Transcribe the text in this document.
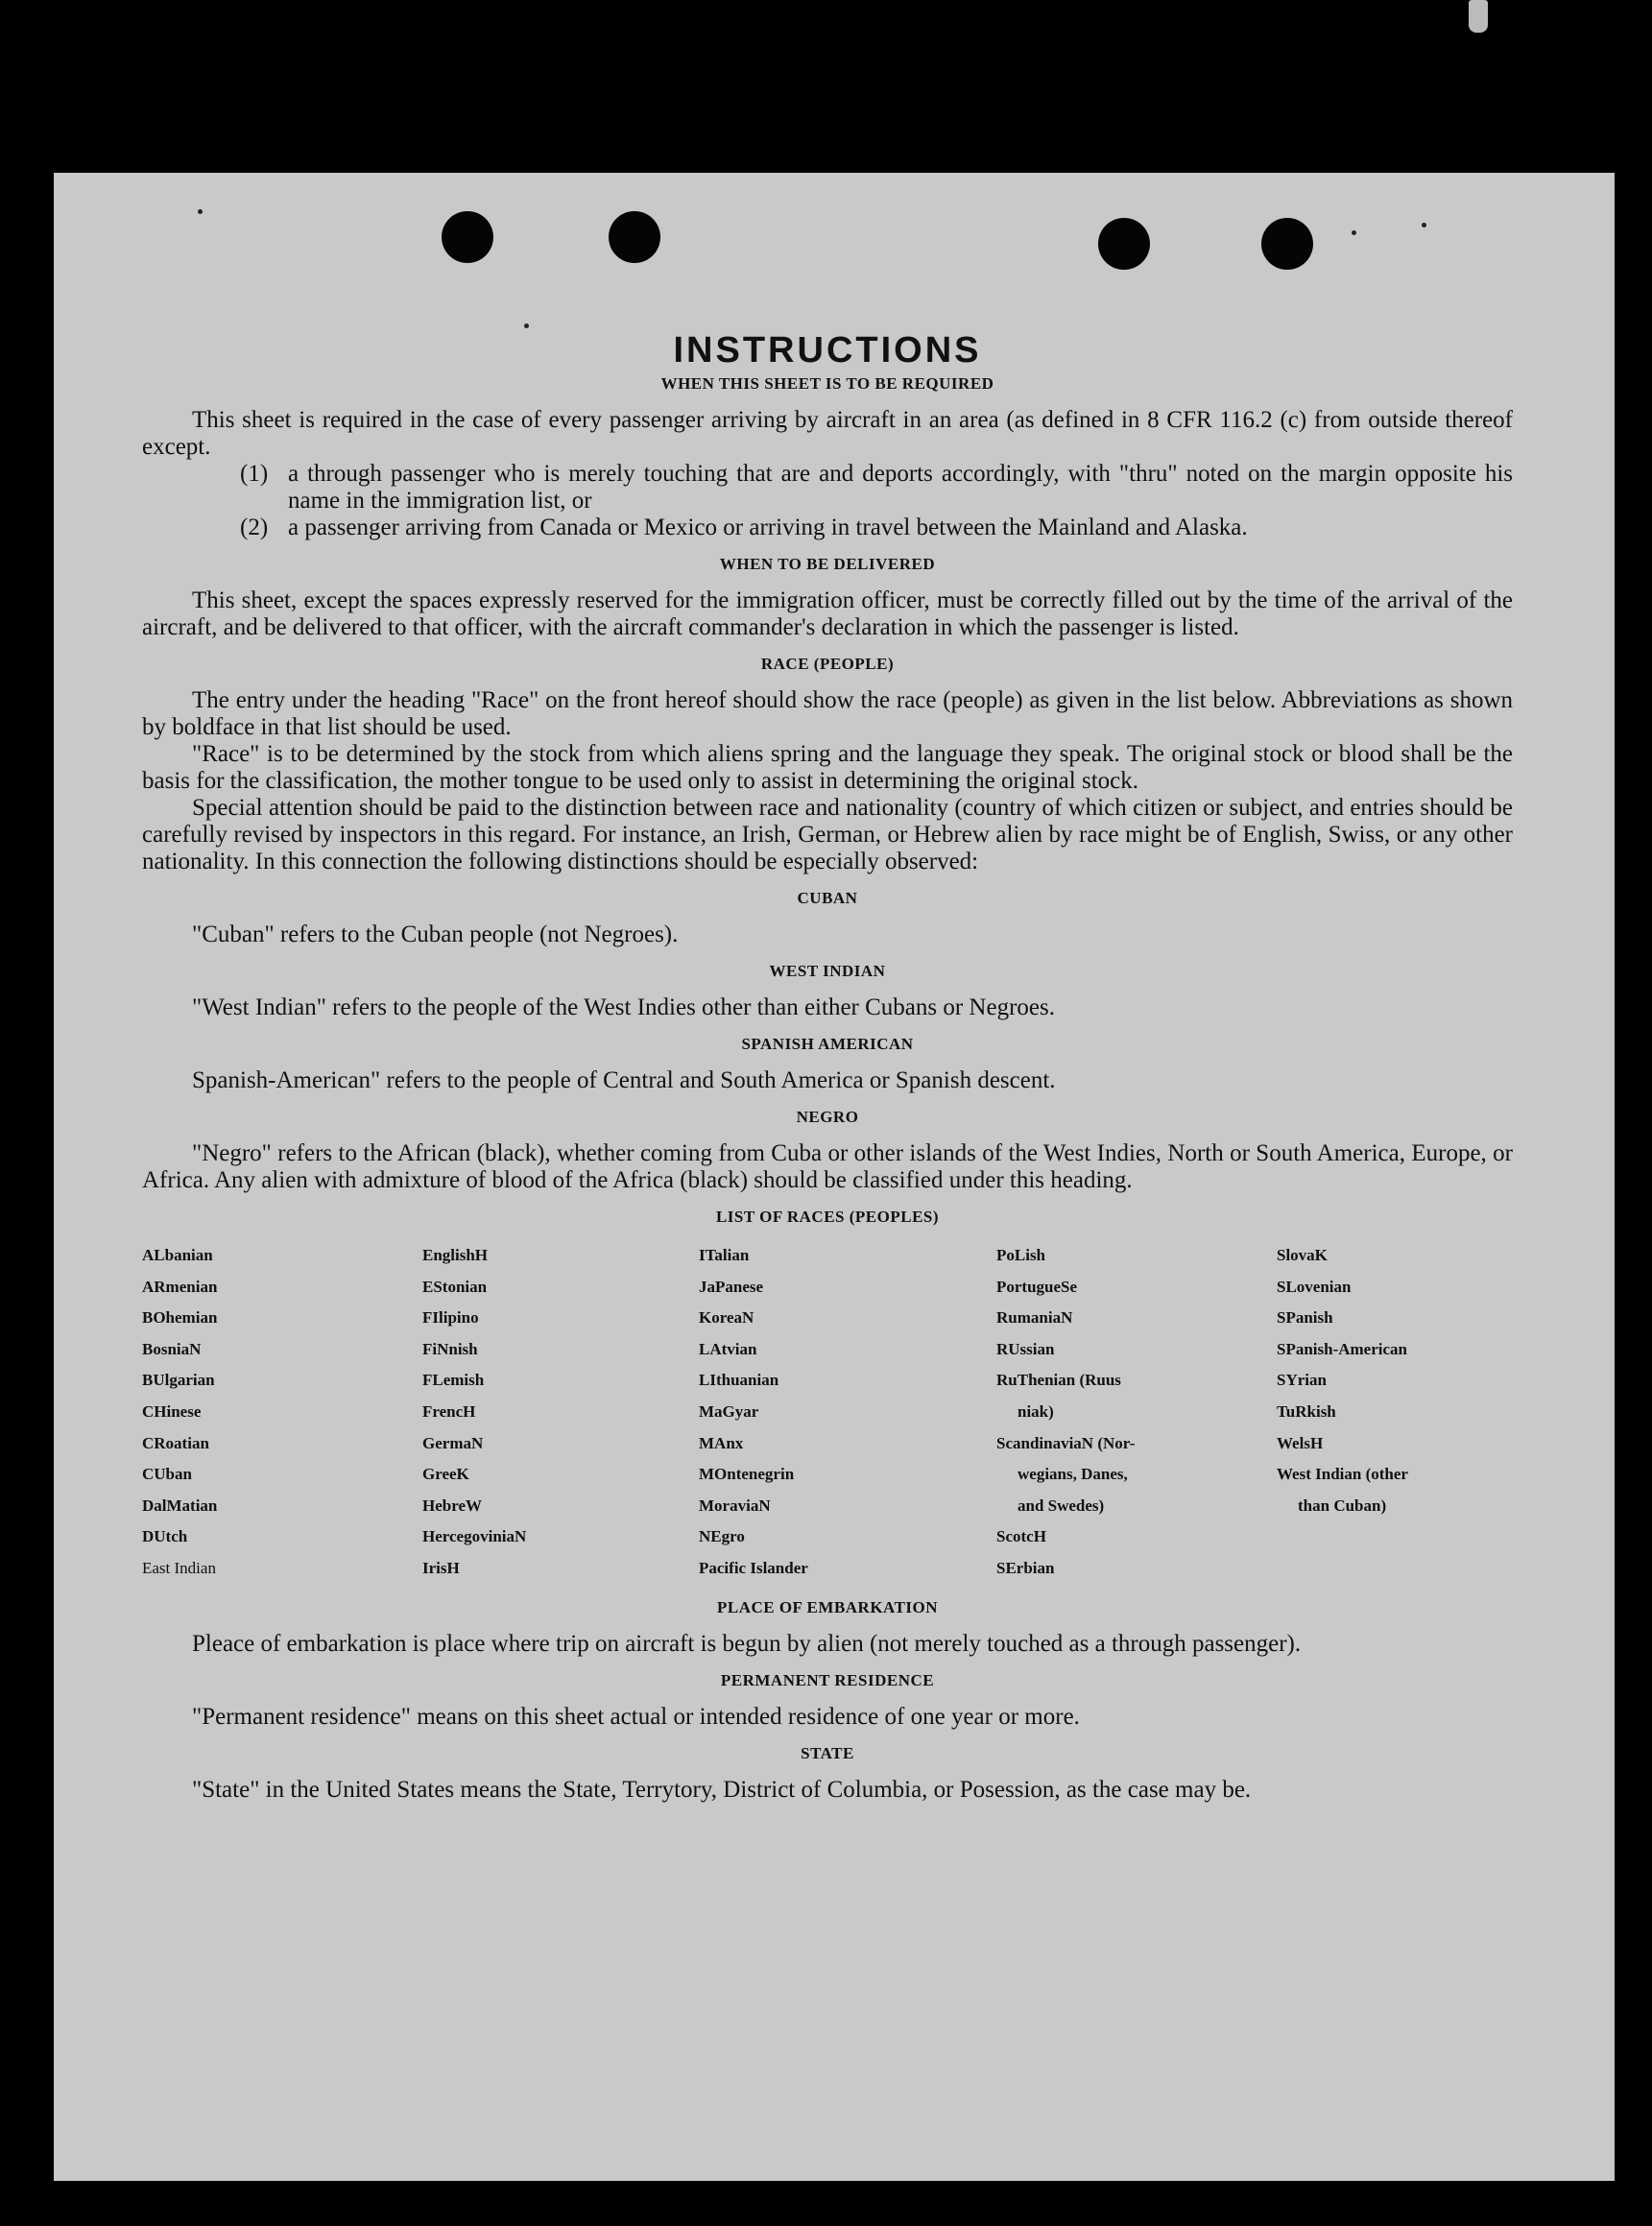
INSTRUCTIONS
WHEN THIS SHEET IS TO BE REQUIRED

This sheet is required in the case of every passenger arriving by aircraft in an area (as defined in 8 CFR 116.2 (c) from outside thereof except.

(1) a through passenger who is merely touching that are and deports accordingly, with "thru" noted on the margin opposite his name in the immigration list, or
(2) a passenger arriving from Canada or Mexico or arriving in travel between the Mainland and Alaska.
WHEN TO BE DELIVERED

This sheet, except the spaces expressly reserved for the immigration officer, must be correctly filled out by the time of the arrival of the aircraft, and be delivered to that officer, with the aircraft commander's declaration in which the passenger is listed.

RACE (PEOPLE)

The entry under the heading "Race" on the front hereof should show the race (people) as given in the list below. Abbreviations as shown by boldface in that list should be used.

"Race" is to be determined by the stock from which aliens spring and the language they speak. The original stock or blood shall be the basis for the classification, the mother tongue to be used only to assist in determining the original stock.

Special attention should be paid to the distinction between race and nationality (country of which citizen or subject, and entries should be carefully revised by inspectors in this regard. For instance, an Irish, German, or Hebrew alien by race might be of English, Swiss, or any other nationality. In this connection the following distinctions should be especially observed:

CUBAN

"Cuban" refers to the Cuban people (not Negroes).

WEST INDIAN

"West Indian" refers to the people of the West Indies other than either Cubans or Negroes.

SPANISH AMERICAN

Spanish-American" refers to the people of Central and South America or Spanish descent.

NEGRO

"Negro" refers to the African (black), whether coming from Cuba or other islands of the West Indies, North or South America, Europe, or Africa. Any alien with admixture of blood of the Africa (black) should be classified under this heading.

LIST OF RACES (PEOPLES)
ALbanian
ARmenian
BOhemian
BosniaN
BUlgarian
CHinese
CRoatian
CUban
DalMatian
DUtch
East Indian
EnglishH
EStonian
FIlipino
FiNnish
FLemish
FrencH
GermaN
GreeK
HebreW
HercegoviniaN
IrisH
ITalian
JaPanese
KoreaN
LAtvian
LIthuanian
MaGyar
MAnx
MOntenegrin
MoraviaN
NEgro
Pacific Islander
PoLish
PortugueSe
RumaniaN
RUssian
RuThenian (Ruus
niak)
ScandinaviaN (Nor-
wegians, Danes,
and Swedes)
ScotcH
SErbian
SlovaK
SLovenian
SPanish
SPanish-American
SYrian
TuRkish
WelsH
West Indian (other
than Cuban)
PLACE OF EMBARKATION

Pleace of embarkation is place where trip on aircraft is begun by alien (not merely touched as a through passenger).

PERMANENT RESIDENCE

"Permanent residence" means on this sheet actual or intended residence of one year or more.

STATE

"State" in the United States means the State, Terrytory, District of Columbia, or Posession, as the case may be.
